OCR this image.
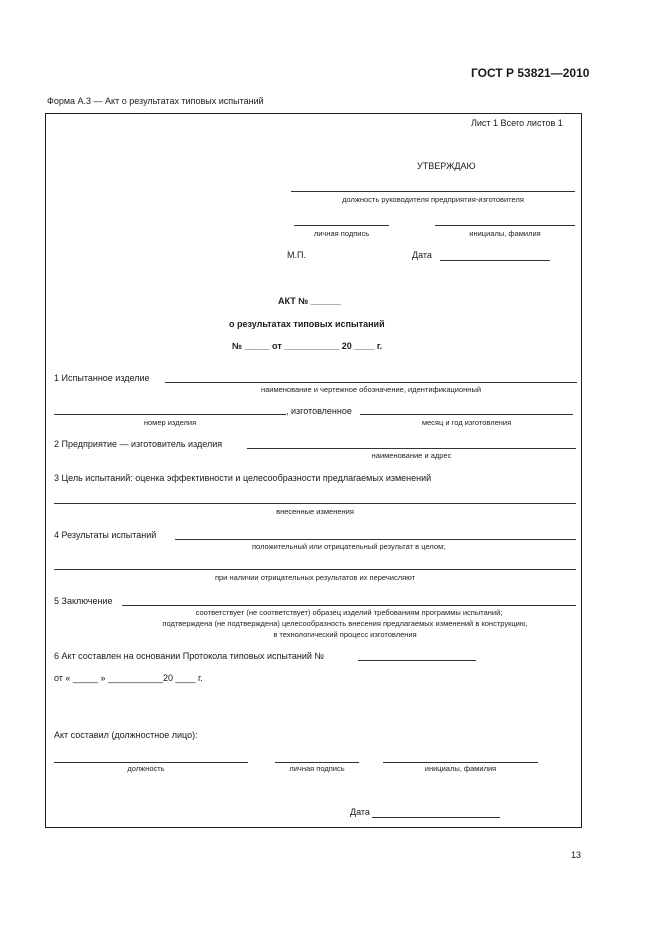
ГОСТ Р 53821—2010
Форма А.3 — Акт о результатах типовых испытаний
Лист 1 Всего листов 1
УТВЕРЖДАЮ
должность руководителя предприятия-изготовителя
личная подпись	инициалы, фамилия
М.П.	Дата
АКТ № ______
о результатах типовых испытаний
№ _____ от ___________ 20 ____ г.
1 Испытанное изделие
наименование и чертежное обозначение, идентификационный
, изготовленное
номер изделия	месяц и год изготовления
2 Предприятие — изготовитель изделия
наименование и адрес
3 Цель испытаний: оценка эффективности и целесообразности предлагаемых изменений
внесенные изменения
4 Результаты испытаний
положительный или отрицательный результат в целом;
при наличии отрицательных результатов их перечисляют
5 Заключение
соответствует (не соответствует) образец изделий требованиям программы испытаний;
подтверждена (не подтверждена) целесообразность внесения предлагаемых изменений в конструкцию,
в технологический процесс изготовления
6 Акт составлен на основании Протокола типовых испытаний №
от « _____ » ___________20 ____ г.
Акт составил (должностное лицо):
должность	личная подпись	инициалы, фамилия
Дата
13
